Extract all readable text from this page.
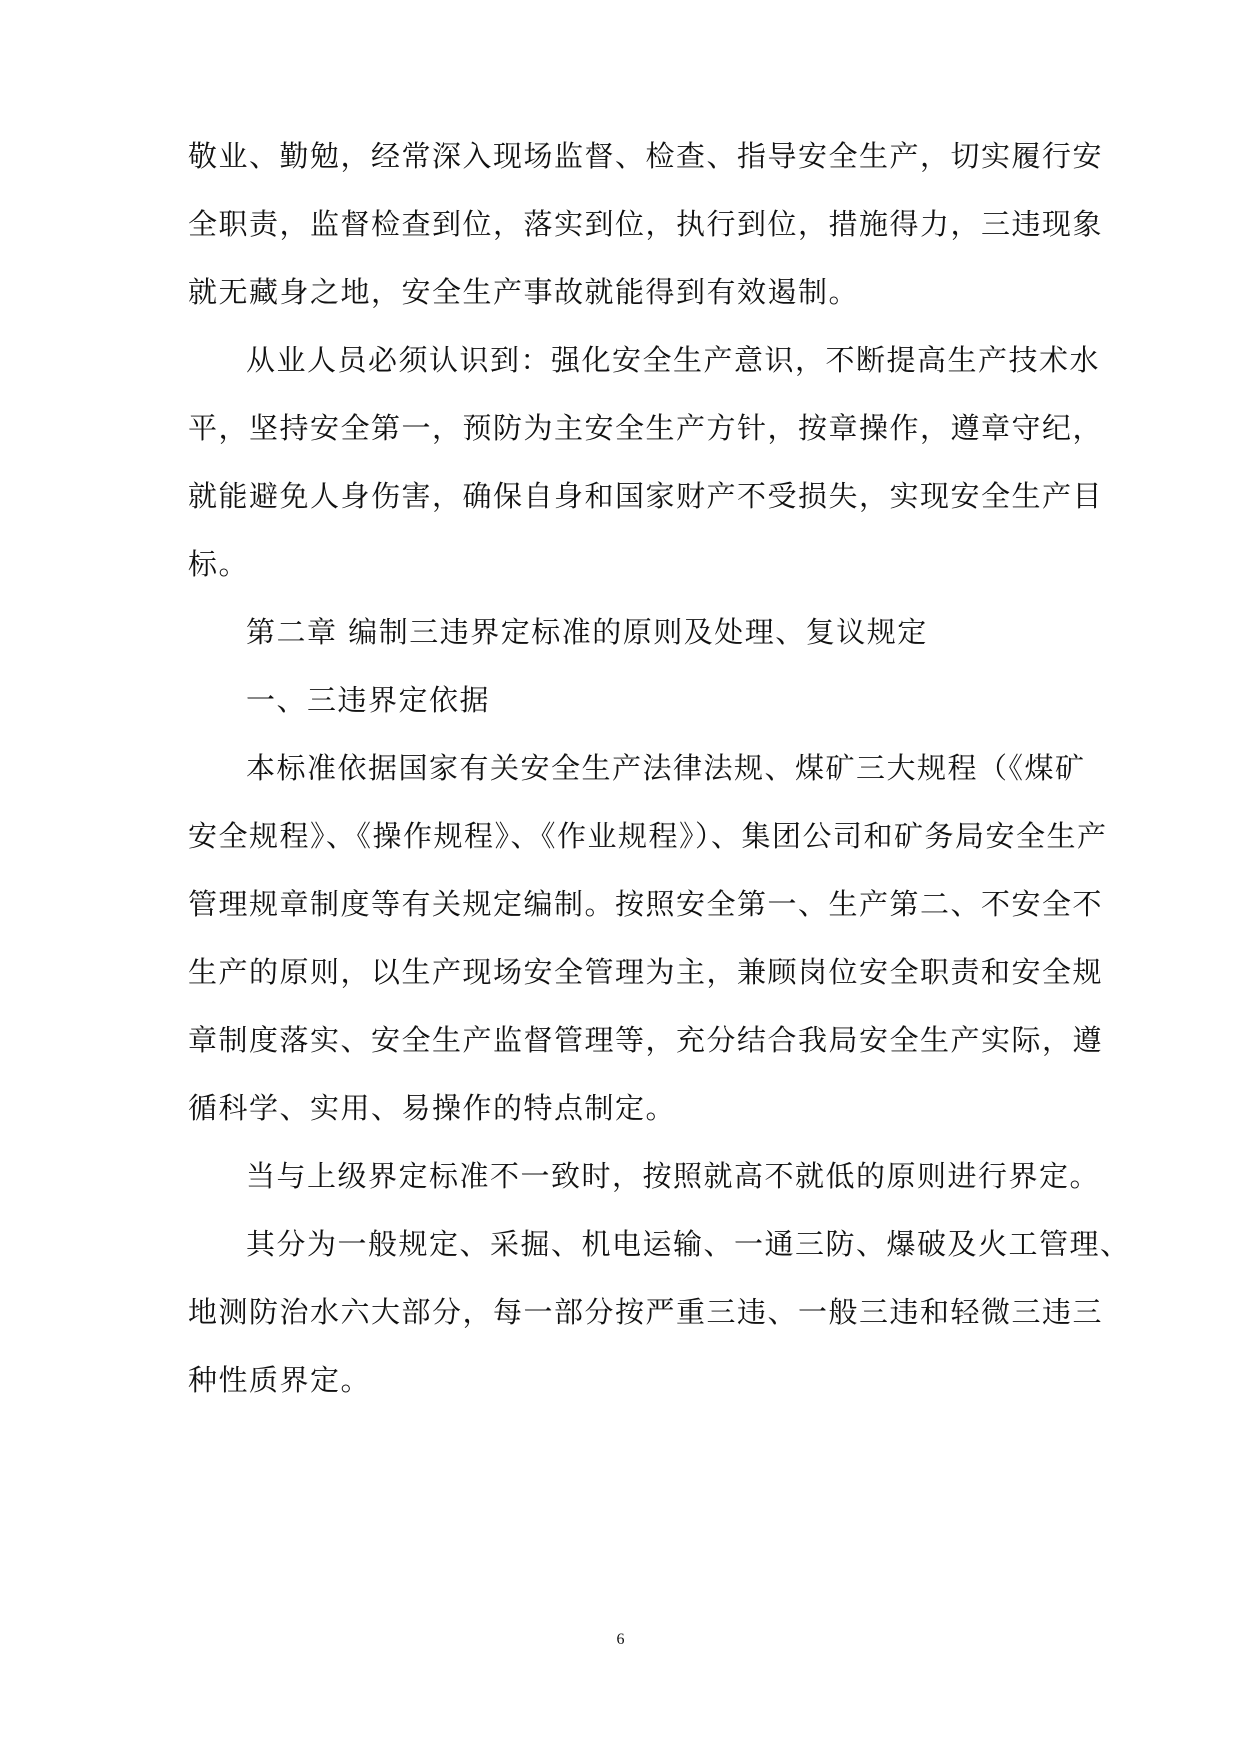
敬业、勤勉，经常深入现场监督、检查、指导安全生产，切实履行安
全职责，监督检查到位，落实到位，执行到位，措施得力，三违现象
就无藏身之地，安全生产事故就能得到有效遏制。
从业人员必须认识到：强化安全生产意识，不断提高生产技术水
平，坚持安全第一，预防为主安全生产方针，按章操作，遵章守纪，
就能避免人身伤害，确保自身和国家财产不受损失，实现安全生产目
标。
第二章 编制三违界定标准的原则及处理、复议规定
一、三违界定依据
本标准依据国家有关安全生产法律法规、煤矿三大规程（《煤矿
安全规程》、《操作规程》、《作业规程》）、集团公司和矿务局安全生产
管理规章制度等有关规定编制。按照安全第一、生产第二、不安全不
生产的原则，以生产现场安全管理为主，兼顾岗位安全职责和安全规
章制度落实、安全生产监督管理等，充分结合我局安全生产实际，遵
循科学、实用、易操作的特点制定。
当与上级界定标准不一致时，按照就高不就低的原则进行界定。
其分为一般规定、采掘、机电运输、一通三防、爆破及火工管理、
地测防治水六大部分，每一部分按严重三违、一般三违和轻微三违三
种性质界定。
6
